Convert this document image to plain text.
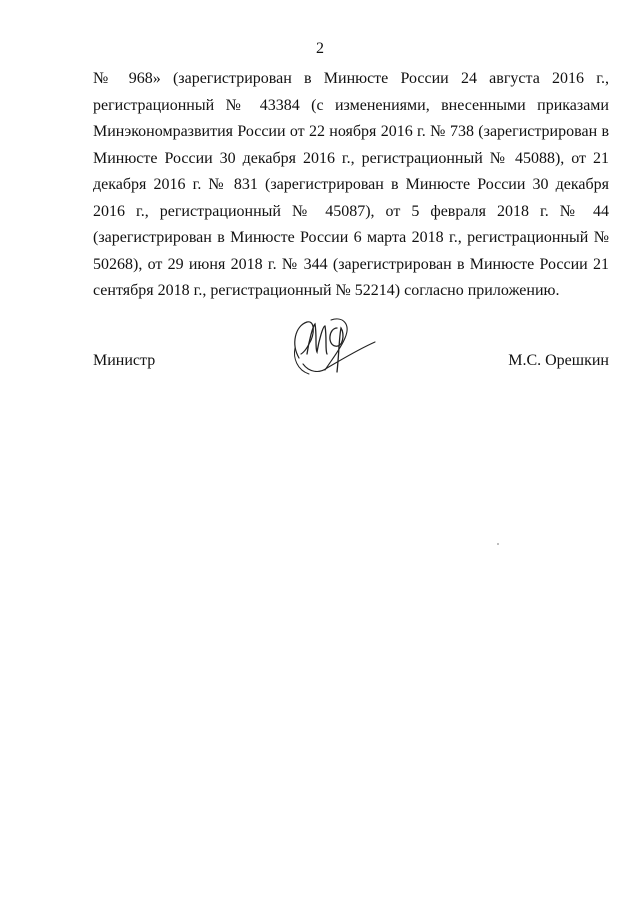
2

№ 968» (зарегистрирован в Минюсте России 24 августа 2016 г., регистрационный № 43384 (с изменениями, внесенными приказами Минэкономразвития России от 22 ноября 2016 г. № 738 (зарегистрирован в Минюсте России 30 декабря 2016 г., регистрационный № 45088), от 21 декабря 2016 г. № 831 (зарегистрирован в Минюсте России 30 декабря 2016 г., регистрационный № 45087), от 5 февраля 2018 г. № 44 (зарегистрирован в Минюсте России 6 марта 2018 г., регистрационный № 50268), от 29 июня 2018 г. № 344 (зарегистрирован в Минюсте России 21 сентября 2018 г., регистрационный № 52214) согласно приложению.

Министр	М.С. Орешкин
